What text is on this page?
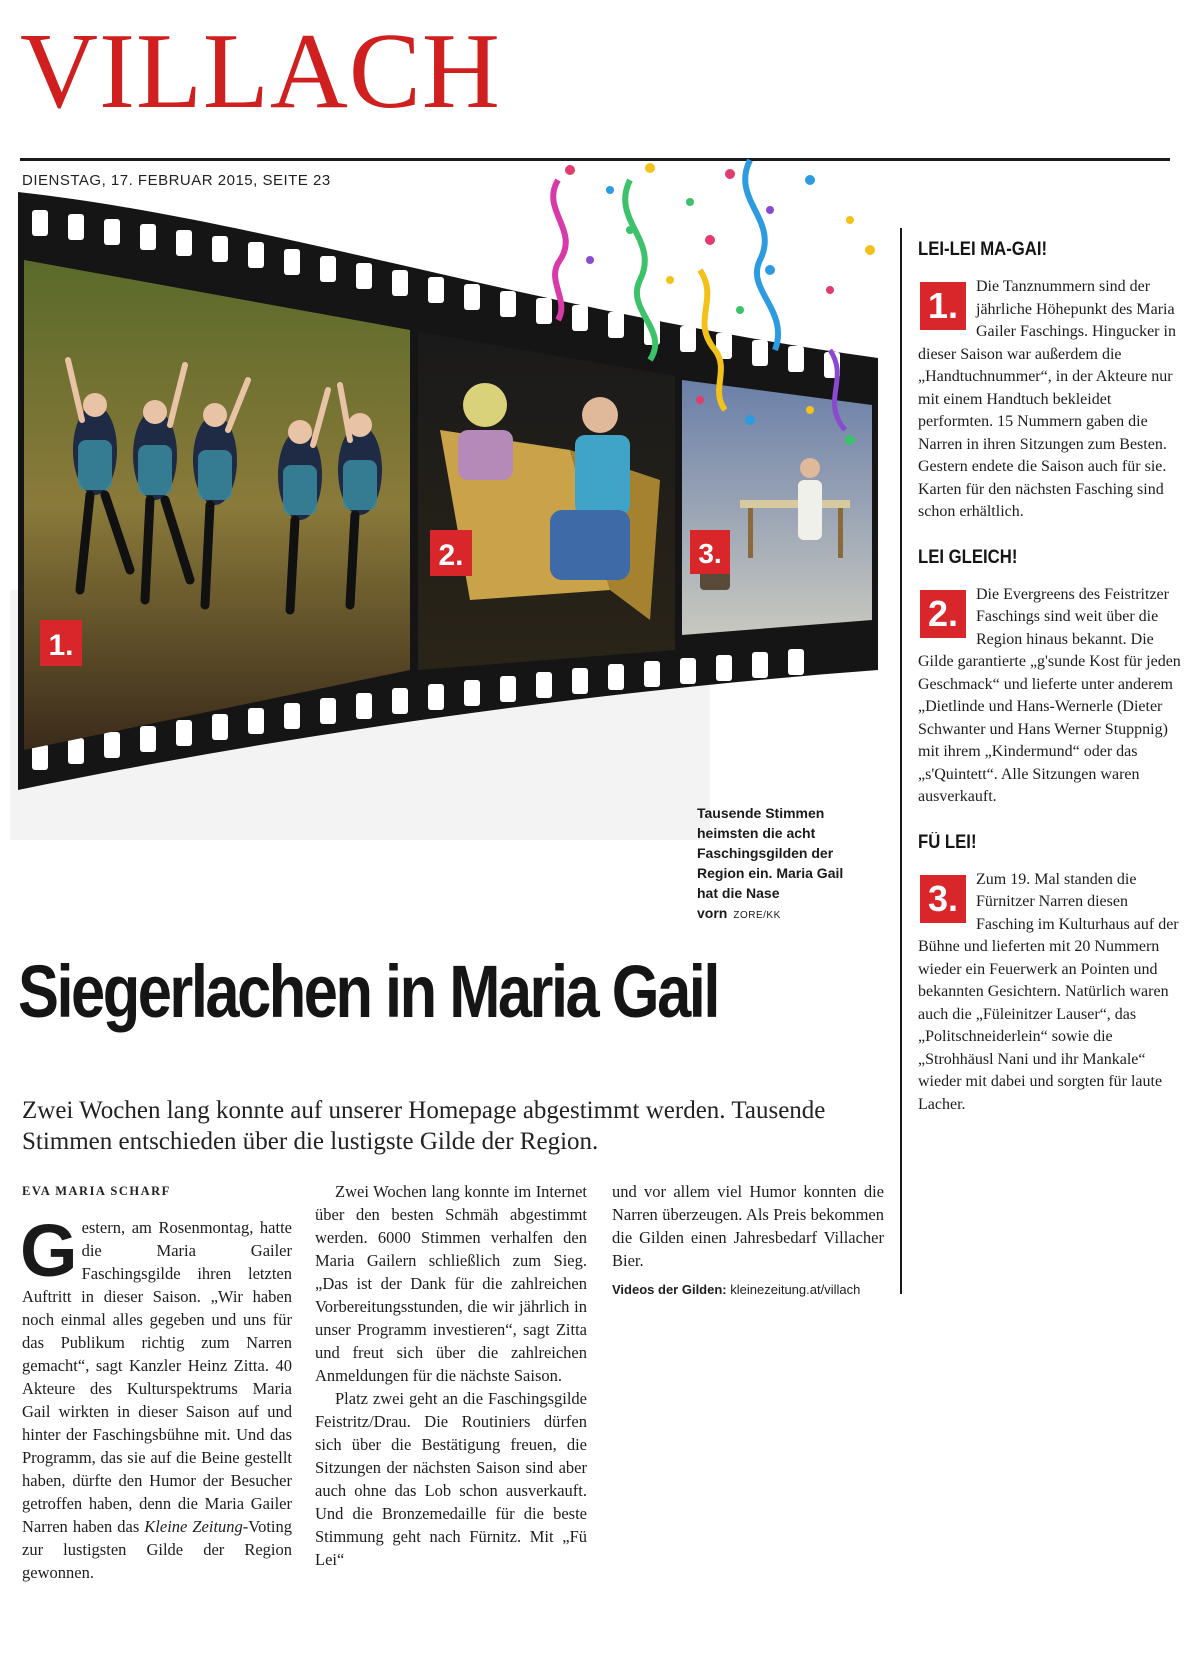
VILLACH
DIENSTAG, 17. FEBRUAR 2015, SEITE 23
1.
2.	3.
Tausende Stimmen heimsten die acht Faschingsgilden der Region ein. Maria Gail hat die Nase vorn ZORE/KK
Siegerlachen in Maria Gail

Zwei Wochen lang konnte auf unserer Homepage abgestimmt werden. Tausende Stimmen entschieden über die lustigste Gilde der Region.

EVA MARIA SCHARF

Gestern, am Rosenmontag, hatte die Maria Gailer Faschingsgilde ihren letzten Auftritt in dieser Saison. „Wir haben noch einmal alles gegeben und uns für das Publikum richtig zum Narren gemacht“, sagt Kanzler Heinz Zitta. 40 Akteure des Kulturspektrums Maria Gail wirkten in dieser Saison auf und hinter der Faschingsbühne mit. Und das Programm, das sie auf die Beine gestellt haben, dürfte den Humor der Besucher getroffen haben, denn die Maria Gailer Narren haben das Kleine Zeitung-Voting zur lustigsten Gilde der Region gewonnen.

Zwei Wochen lang konnte im Internet über den besten Schmäh abgestimmt werden. 6000 Stimmen verhalfen den Maria Gailern schließlich zum Sieg. „Das ist der Dank für die zahlreichen Vorbereitungsstunden, die wir jährlich in unser Programm investieren“, sagt Zitta und freut sich über die zahlreichen Anmeldungen für die nächste Saison.

Platz zwei geht an die Faschingsgilde Feistritz/Drau. Die Routiniers dürfen sich über die Bestätigung freuen, die Sitzungen der nächsten Saison sind aber auch ohne das Lob schon ausverkauft. Und die Bronzemedaille für die beste Stimmung geht nach Fürnitz. Mit „Fü Lei“

und vor allem viel Humor konnten die Narren überzeugen. Als Preis bekommen die Gilden einen Jahresbedarf Villacher Bier.

Videos der Gilden: kleinezeitung.at/villach
LEI-LEI MA-GAI!
1.	Die Tanznummern sind der jährliche Höhepunkt des Maria Gailer Faschings. Hingucker in dieser Saison war außerdem die „Handtuchnummer“, in der Akteure nur mit einem Handtuch bekleidet performten. 15 Nummern gaben die Narren in ihren Sitzungen zum Besten. Gestern endete die Saison auch für sie. Karten für den nächsten Fasching sind schon erhältlich.
LEI GLEICH!
2.	Die Evergreens des Feistritzer Faschings sind weit über die Region hinaus bekannt. Die Gilde garantierte „g'sunde Kost für jeden Geschmack“ und lieferte unter anderem „Dietlinde und Hans-Wernerle (Dieter Schwanter und Hans Werner Stuppnig) mit ihrem „Kindermund“ oder das „s'Quintett“. Alle Sitzungen waren ausverkauft.
FÜ LEI!
3.	Zum 19. Mal standen die Fürnitzer Narren diesen Fasching im Kulturhaus auf der Bühne und lieferten mit 20 Nummern wieder ein Feuerwerk an Pointen und bekannten Gesichtern. Natürlich waren auch die „Füleinitzer Lauser“, das „Politschneiderlein“ sowie die „Strohhäusl Nani und ihr Mankale“ wieder mit dabei und sorgten für laute Lacher.
